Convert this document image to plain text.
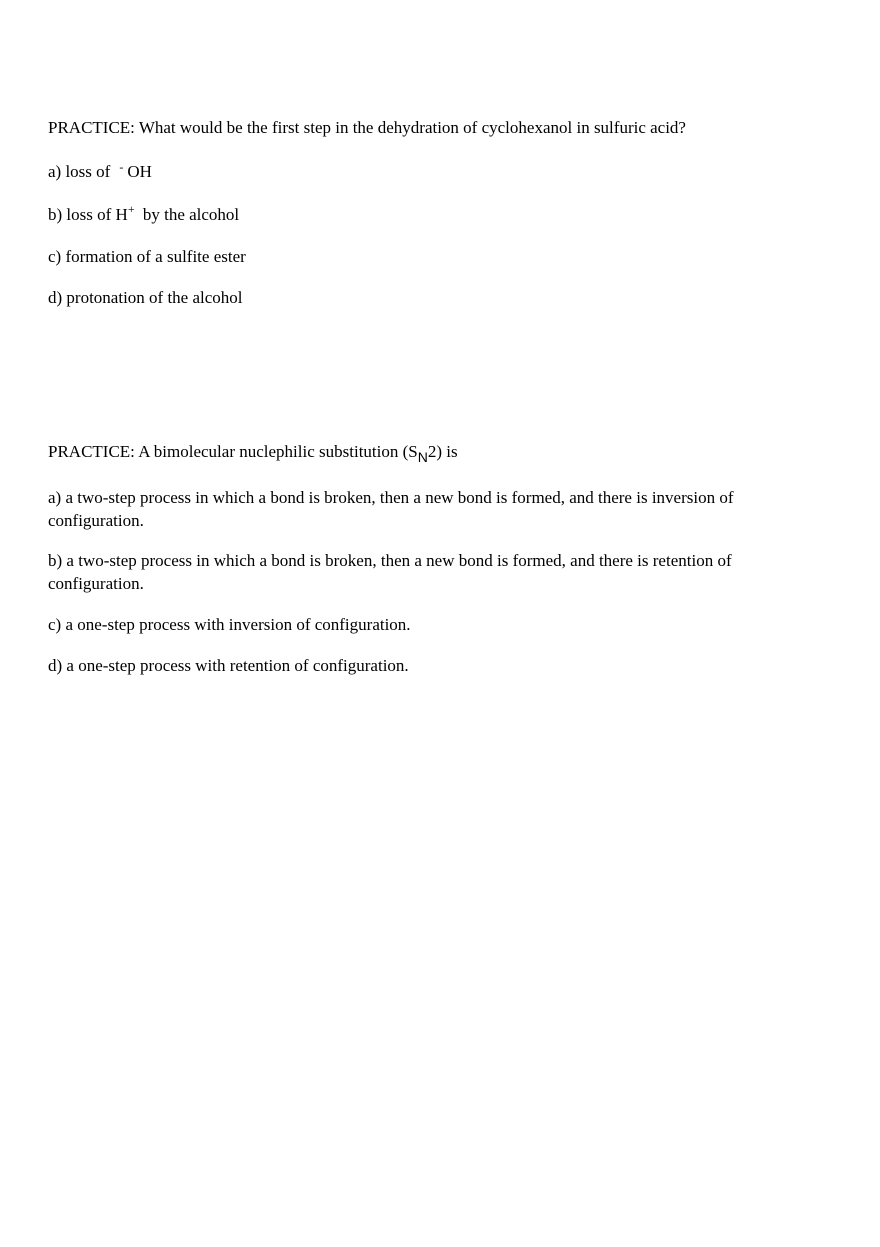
PRACTICE: What would be the first step in the dehydration of cyclohexanol in sulfuric acid?
a) loss of - OH
b) loss of H+ by the alcohol
c) formation of a sulfite ester
d) protonation of the alcohol
PRACTICE: A bimolecular nuclephilic substitution $(S_N2)$ is
a) a two-step process in which a bond is broken, then a new bond is formed, and there is inversion of configuration.
b) a two-step process in which a bond is broken, then a new bond is formed, and there is retention of configuration.
c) a one-step process with inversion of configuration.
d) a one-step process with retention of configuration.
